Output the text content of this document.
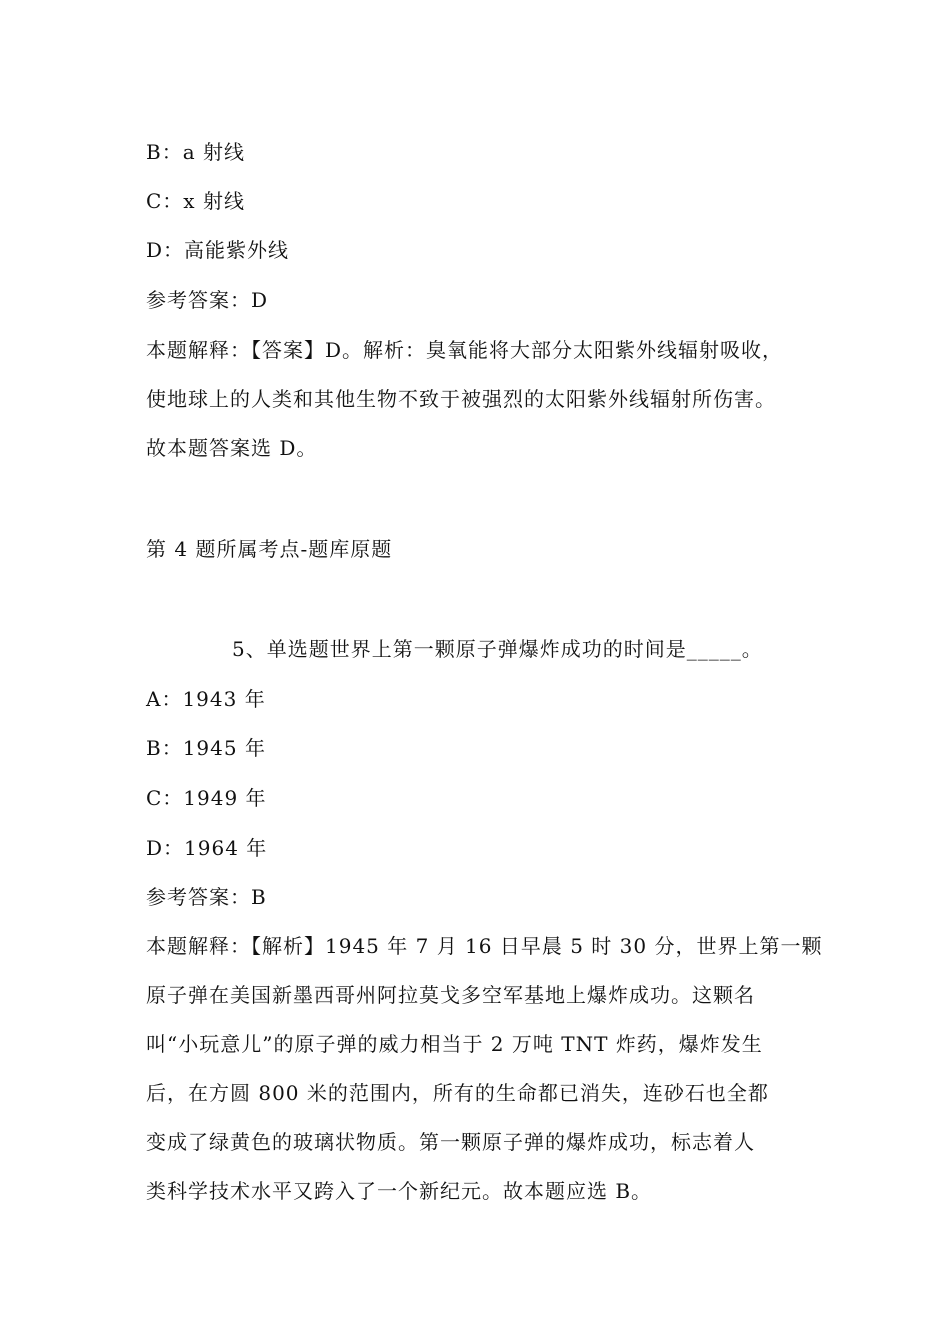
B：a 射线

C：x 射线

D：高能紫外线

参考答案：D

本题解释：【答案】D。解析：臭氧能将大部分太阳紫外线辐射吸收，
使地球上的人类和其他生物不致于被强烈的太阳紫外线辐射所伤害。
故本题答案选 D。

第 4 题所属考点-题库原题

5、单选题世界上第一颗原子弹爆炸成功的时间是_____。

A：1943 年

B：1945 年

C：1949 年

D：1964 年

参考答案：B

本题解释：【解析】1945 年 7 月 16 日早晨 5 时 30 分，世界上第一颗
原子弹在美国新墨西哥州阿拉莫戈多空军基地上爆炸成功。这颗名
叫“小玩意儿”的原子弹的威力相当于 2 万吨 TNT 炸药，爆炸发生
后，在方圆 800 米的范围内，所有的生命都已消失，连砂石也全都
变成了绿黄色的玻璃状物质。第一颗原子弹的爆炸成功，标志着人
类科学技术水平又跨入了一个新纪元。故本题应选 B。
